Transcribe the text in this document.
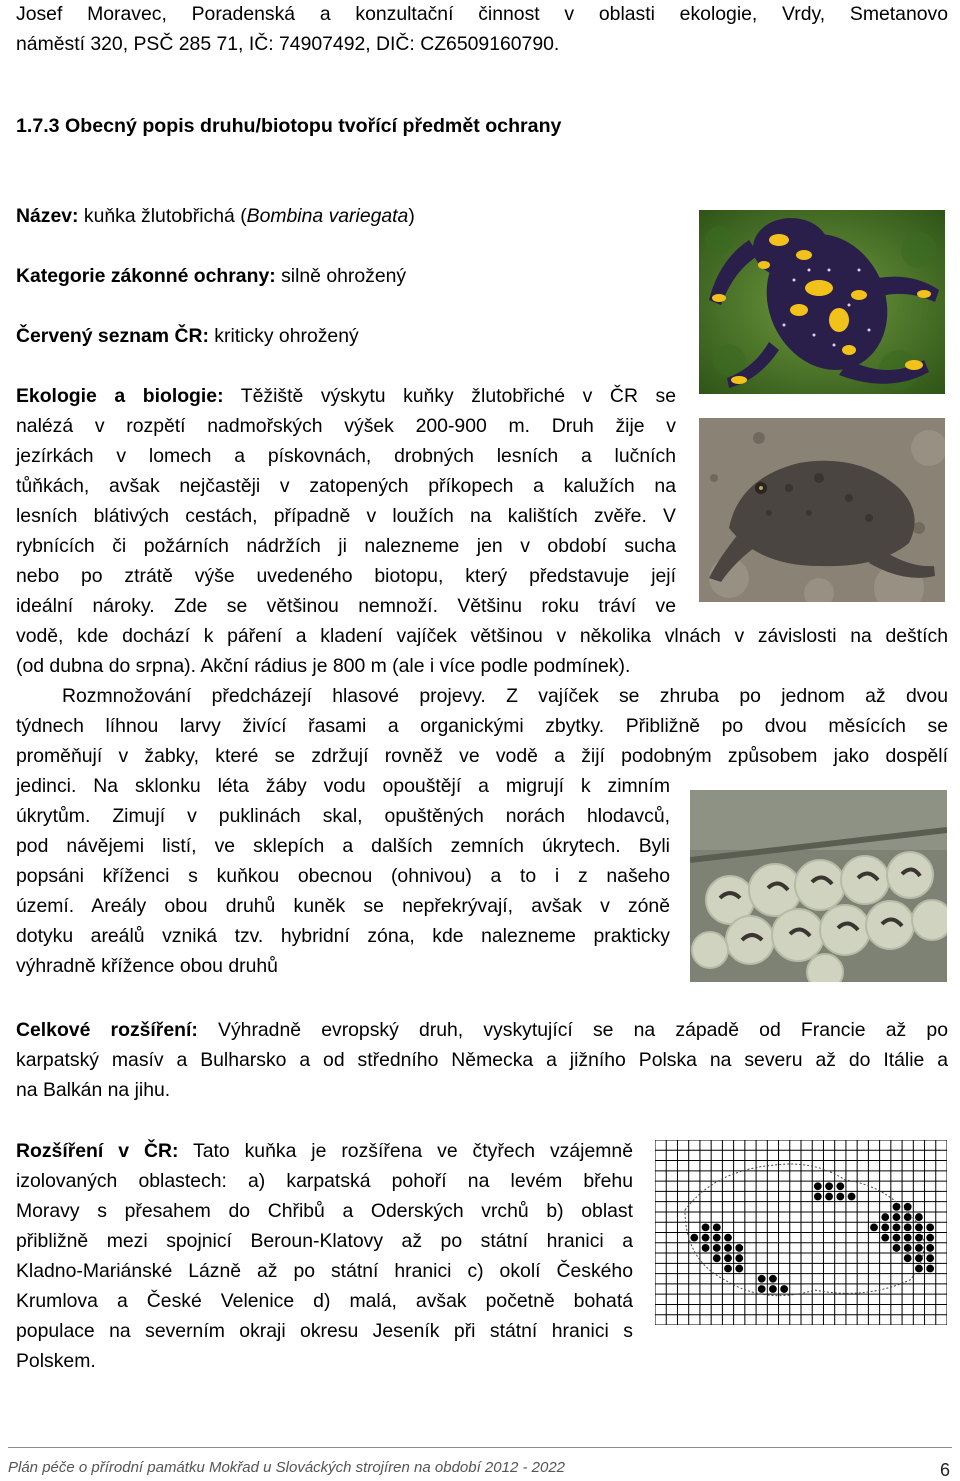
Josef Moravec, Poradenská a konzultační činnost v oblasti ekologie, Vrdy, Smetanovo
náměstí 320, PSČ 285 71, IČ: 74907492, DIČ: CZ6509160790.
1.7.3 Obecný popis druhu/biotopu tvořící předmět ochrany
Název: kuňka žlutobřichá (Bombina variegata)
Kategorie zákonné ochrany: silně ohrožený
Červený seznam ČR: kriticky ohrožený
Ekologie a biologie: Těžiště výskytu kuňky žlutobřiché v ČR se
nalézá v rozpětí nadmořských výšek 200-900 m. Druh žije v
jezírkách v lomech a pískovnách, drobných lesních a lučních
tůňkách, avšak nejčastěji v zatopených příkopech a kalužích na
lesních blátivých cestách, případně v loužích na kalištích zvěře. V
rybnících či požárních nádržích ji nalezneme jen v období sucha
nebo po ztrátě výše uvedeného biotopu, který představuje její
ideální nároky. Zde se většinou nemnoží. Většinu roku tráví ve
vodě, kde dochází k páření a kladení vajíček většinou v několika vlnách v závislosti na deštích
(od dubna do srpna). Akční rádius je 800 m (ale i více podle podmínek).
Rozmnožování předcházejí hlasové projevy. Z vajíček se zhruba po jednom až dvou
týdnech líhnou larvy živící řasami a organickými zbytky. Přibližně po dvou měsících se
proměňují v žabky, které se zdržují rovněž ve vodě a žijí podobným způsobem jako dospělí
jedinci. Na sklonku léta žáby vodu opouštějí a migrují k zimním
úkrytům. Zimují v puklinách skal, opuštěných norách hlodavců,
pod návějemi listí, ve sklepích a dalších zemních úkrytech. Byli
popsáni kříženci s kuňkou obecnou (ohnivou) a to i z našeho
území. Areály obou druhů kuněk se nepřekrývají, avšak v zóně
dotyku areálů vzniká tzv. hybridní zóna, kde nalezneme prakticky
výhradně křížence obou druhů
Celkové rozšíření: Výhradně evropský druh, vyskytující se na západě od Francie až po
karpatský masív a Bulharsko a od středního Německa a jižního Polska na severu až do Itálie a
na Balkán na jihu.
Rozšíření v ČR: Tato kuňka je rozšířena ve čtyřech vzájemně
izolovaných oblastech: a) karpatská pohoří na levém břehu
Moravy s přesahem do Chřibů a Oderských vrchů b) oblast
přibližně mezi spojnicí Beroun-Klatovy až po státní hranici a
Kladno-Mariánské Lázně až po státní hranici c) okolí Českého
Krumlova a České Velenice d) malá, avšak početně bohatá
populace na severním okraji okresu Jeseník při státní hranici s
Polskem.
Plán péče o přírodní památku Mokřad u Slováckých strojíren na období 2012 - 2022	6
